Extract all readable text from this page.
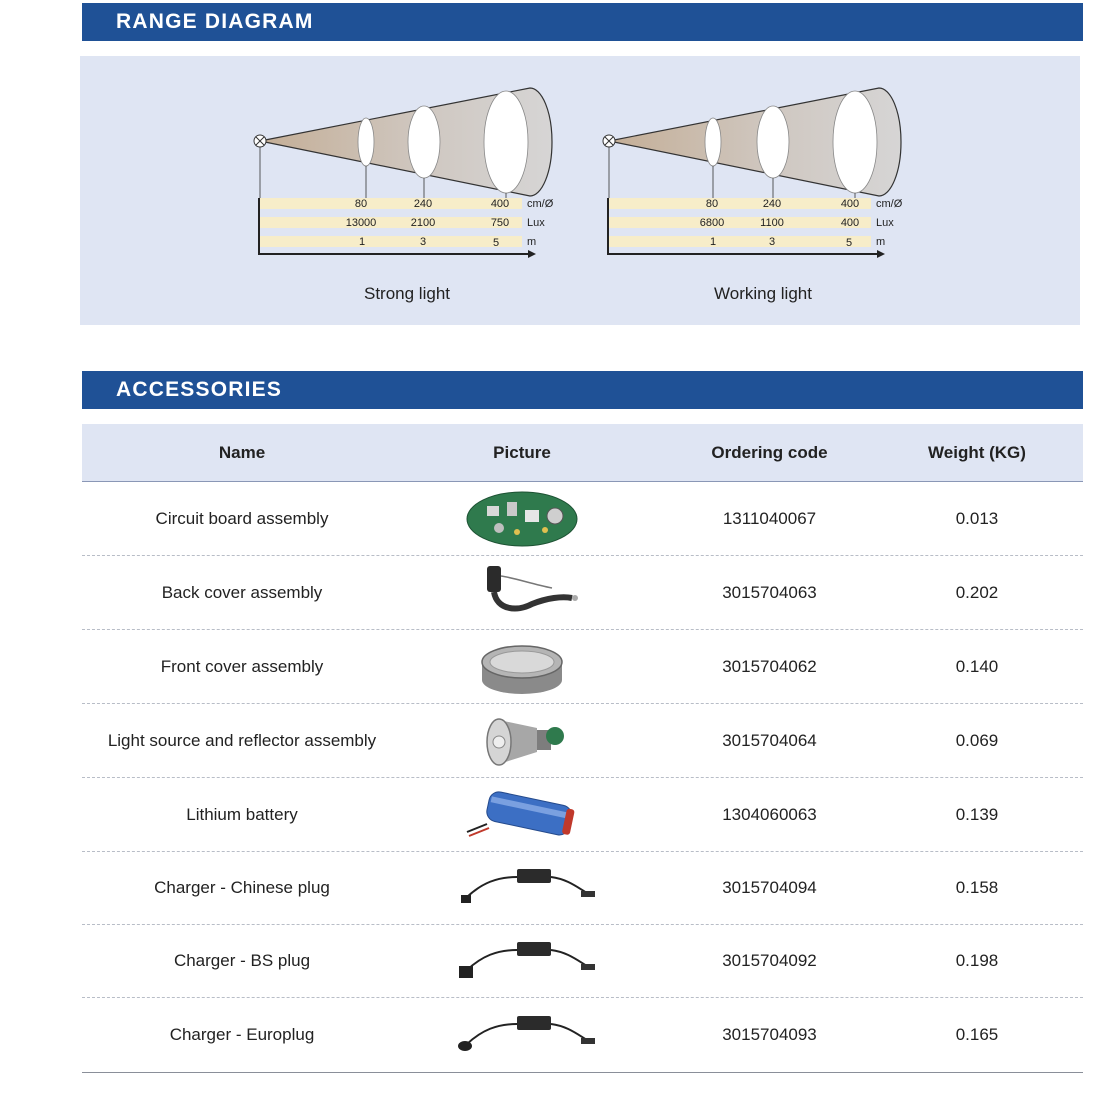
RANGE DIAGRAM
80	240	400 cm/Ø
13000	2100	750 Lux
1	3	5	m
80	240	400 cm/Ø
6800	1100	400 Lux
1	3	5 m
Strong light	Working light
ACCESSORIES
Name	Picture	Ordering code	Weight (KG)
Circuit board assembly	1311040067	0.013
Back cover assembly	3015704063	0.202
Front cover assembly	3015704062	0.140
Light source and reflector assembly	3015704064	0.069
Lithium battery	1304060063	0.139
Charger - Chinese plug	3015704094	0.158
Charger - BS plug	3015704092	0.198
Charger - Europlug	3015704093	0.165
